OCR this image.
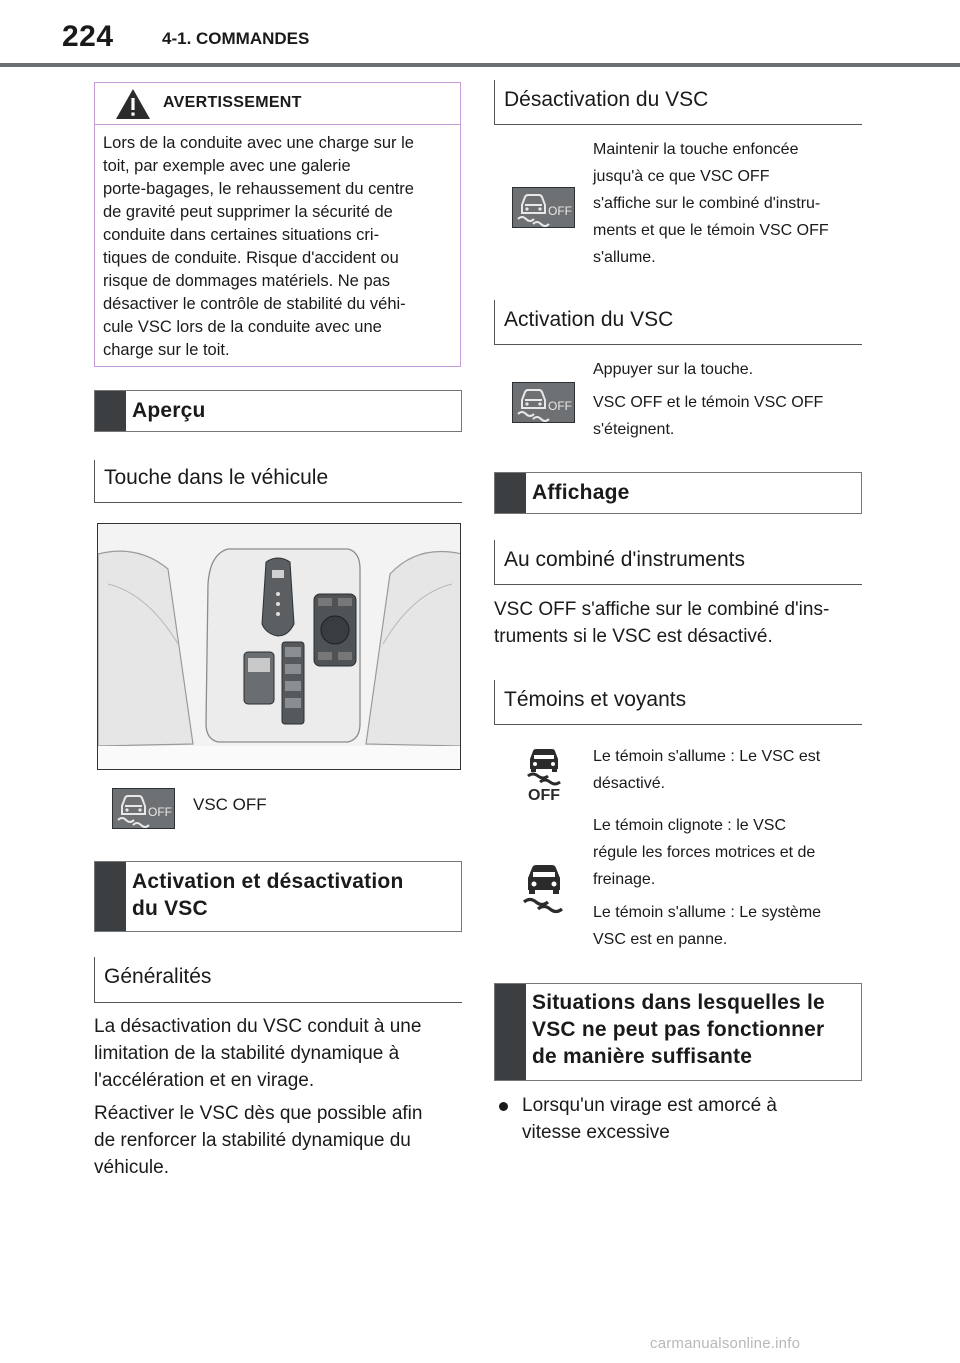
224	4-1. COMMANDES
AVERTISSEMENT
Lors de la conduite avec une charge sur le
toit, par exemple avec une galerie
porte-bagages, le rehaussement du centre
de gravité peut supprimer la sécurité de
conduite dans certaines situations cri-
tiques de conduite. Risque d'accident ou
risque de dommages matériels. Ne pas
désactiver le contrôle de stabilité du véhi-
cule VSC lors de la conduite avec une
charge sur le toit.
Aperçu
Touche dans le véhicule
OFF VSC OFF
Activation et désactivation
du VSC
Généralités
La désactivation du VSC conduit à une
limitation de la stabilité dynamique à
l'accélération et en virage.
Réactiver le VSC dès que possible afin
de renforcer la stabilité dynamique du
véhicule.
Désactivation du VSC
OFF
Maintenir la touche enfoncée
jusqu'à ce que VSC OFF
s'affiche sur le combiné d'instru-
ments et que le témoin VSC OFF
s'allume.
Activation du VSC
OFF
Appuyer sur la touche.
VSC OFF et le témoin VSC OFF
s'éteignent.
Affichage
Au combiné d'instruments
VSC OFF s'affiche sur le combiné d'ins-
truments si le VSC est désactivé.
Témoins et voyants
OFF
Le témoin s'allume : Le VSC est
désactivé.
Le témoin clignote : le VSC
régule les forces motrices et de
freinage.
Le témoin s'allume : Le système
VSC est en panne.
Situations dans lesquelles le
VSC ne peut pas fonctionner
de manière suffisante
Lorsqu'un virage est amorcé à
vitesse excessive
carmanualsonline.info
